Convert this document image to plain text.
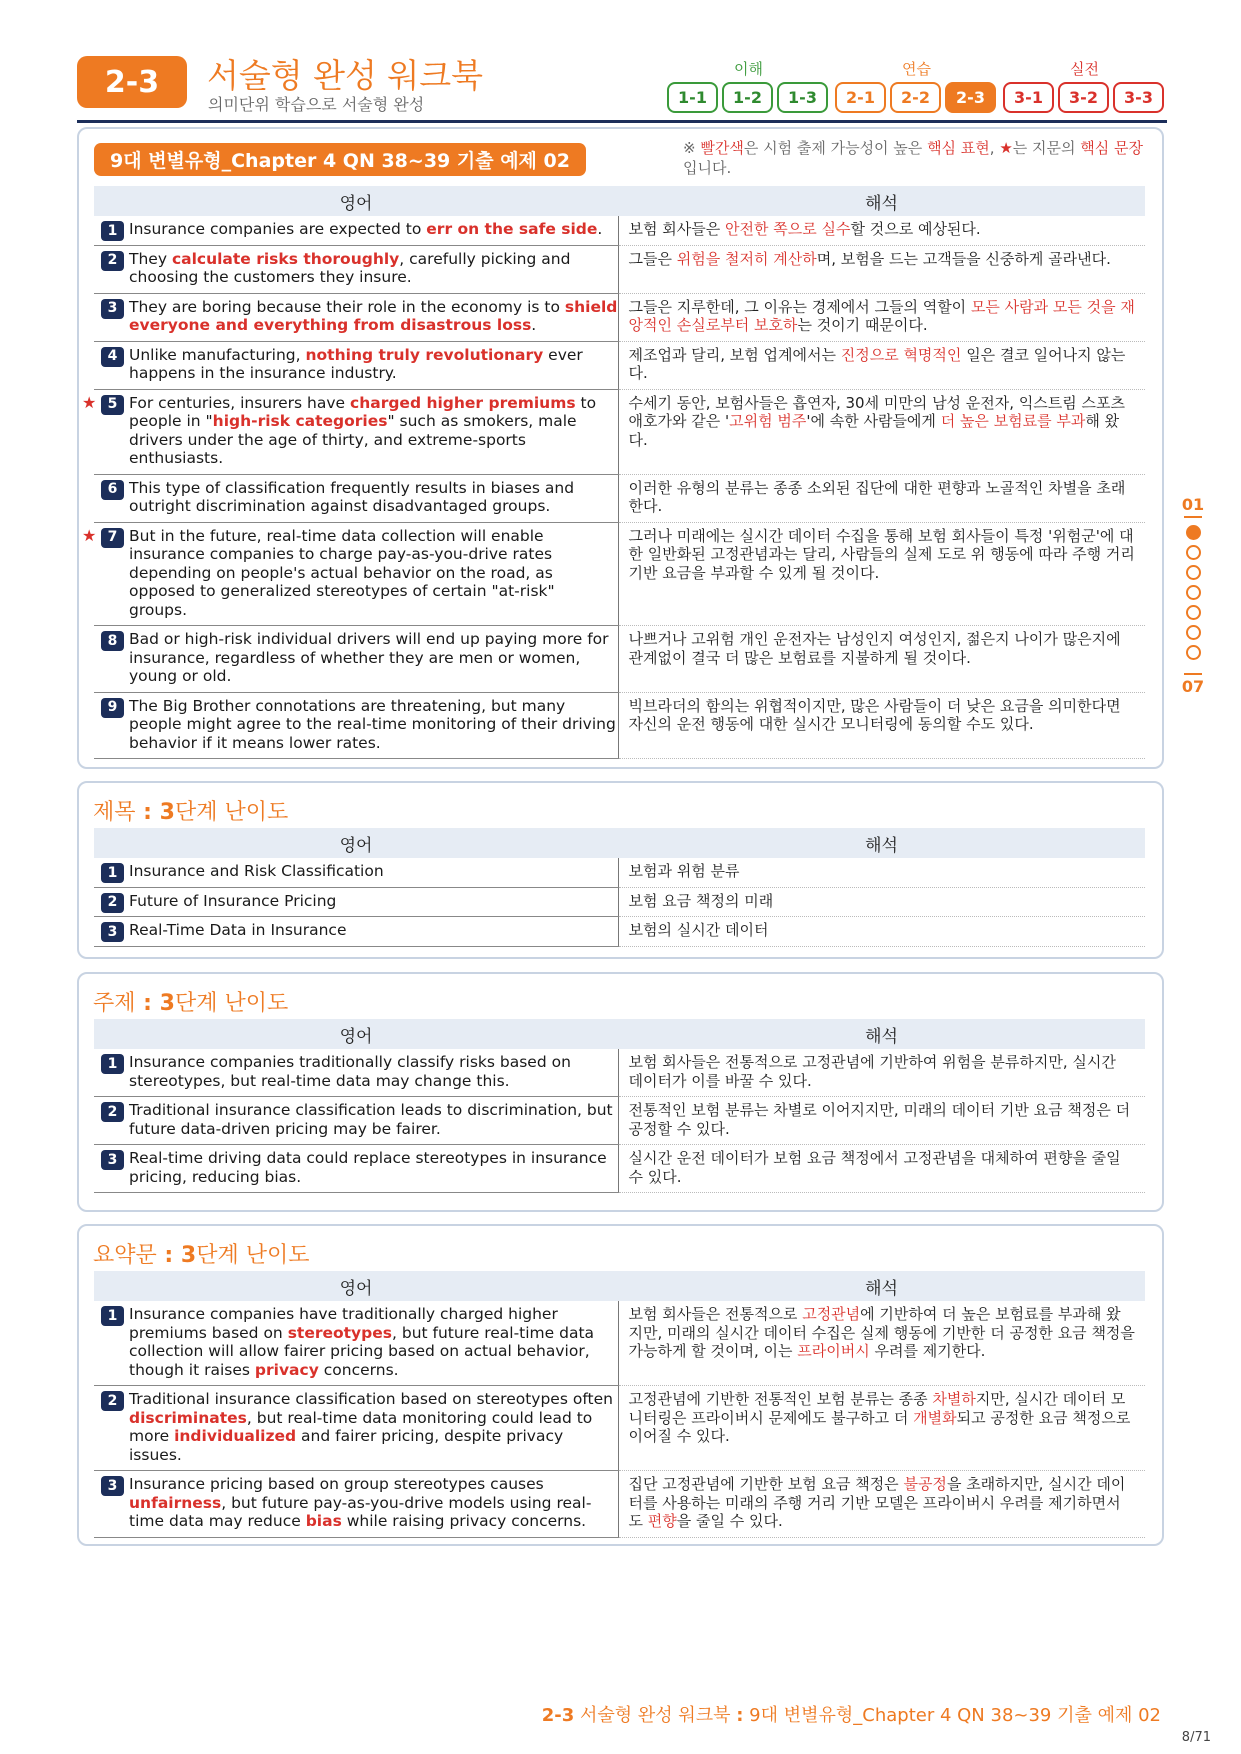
2-3	서술형 완성 워크북
의미단위 학습으로 서술형 완성
이해
1-1	1-2	1-3
연습
2-1	2-2	2-3
실전
3-1	3-2	3-3
9대 변별유형_Chapter 4 QN 38~39 기출 예제 02
※ 빨간색은 시험 출제 가능성이 높은 핵심 표현, ★는 지문의 핵심 문장입니다.
영어	해석

1 Insurance companies are expected to err on the safe side.	보험 회사들은 안전한 쪽으로 실수할 것으로 예상된다.

2 They calculate risks thoroughly, carefully picking and choosing the customers they insure.	그들은 위험을 철저히 계산하며, 보험을 드는 고객들을 신중하게 골라낸다.

3 They are boring because their role in the economy is to shield everyone and everything from disastrous loss.	그들은 지루한데, 그 이유는 경제에서 그들의 역할이 모든 사람과 모든 것을 재앙적인 손실로부터 보호하는 것이기 때문이다.

4 Unlike manufacturing, nothing truly revolutionary ever happens in the insurance industry.	제조업과 달리, 보험 업계에서는 진정으로 혁명적인 일은 결코 일어나지 않는다.

★ 5 For centuries, insurers have charged higher premiums to people in "high-risk categories" such as smokers, male drivers under the age of thirty, and extreme-sports enthusiasts.	수세기 동안, 보험사들은 흡연자, 30세 미만의 남성 운전자, 익스트림 스포츠 애호가와 같은 '고위험 범주'에 속한 사람들에게 더 높은 보험료를 부과해 왔다.

6 This type of classification frequently results in biases and outright discrimination against disadvantaged groups.	이러한 유형의 분류는 종종 소외된 집단에 대한 편향과 노골적인 차별을 초래한다.

★ 7 But in the future, real-time data collection will enable insurance companies to charge pay-as-you-drive rates depending on people's actual behavior on the road, as opposed to generalized stereotypes of certain "at-risk" groups.	그러나 미래에는 실시간 데이터 수집을 통해 보험 회사들이 특정 '위험군'에 대한 일반화된 고정관념과는 달리, 사람들의 실제 도로 위 행동에 따라 주행 거리 기반 요금을 부과할 수 있게 될 것이다.

8 Bad or high-risk individual drivers will end up paying more for insurance, regardless of whether they are men or women, young or old.	나쁘거나 고위험 개인 운전자는 남성인지 여성인지, 젊은지 나이가 많은지에 관계없이 결국 더 많은 보험료를 지불하게 될 것이다.

9 The Big Brother connotations are threatening, but many people might agree to the real-time monitoring of their driving behavior if it means lower rates.	빅브라더의 함의는 위협적이지만, 많은 사람들이 더 낮은 요금을 의미한다면 자신의 운전 행동에 대한 실시간 모니터링에 동의할 수도 있다.
제목 : 3단계 난이도
영어	해석

1 Insurance and Risk Classification	보험과 위험 분류

2 Future of Insurance Pricing	보험 요금 책정의 미래

3 Real-Time Data in Insurance	보험의 실시간 데이터
주제 : 3단계 난이도
영어	해석

1 Insurance companies traditionally classify risks based on stereotypes, but real-time data may change this.	보험 회사들은 전통적으로 고정관념에 기반하여 위험을 분류하지만, 실시간 데이터가 이를 바꿀 수 있다.

2 Traditional insurance classification leads to discrimination, but future data-driven pricing may be fairer.	전통적인 보험 분류는 차별로 이어지지만, 미래의 데이터 기반 요금 책정은 더 공정할 수 있다.

3 Real-time driving data could replace stereotypes in insurance pricing, reducing bias.	실시간 운전 데이터가 보험 요금 책정에서 고정관념을 대체하여 편향을 줄일 수 있다.
요약문 : 3단계 난이도
영어	해석

1 Insurance companies have traditionally charged higher premiums based on stereotypes, but future real-time data collection will allow fairer pricing based on actual behavior, though it raises privacy concerns.	보험 회사들은 전통적으로 고정관념에 기반하여 더 높은 보험료를 부과해 왔지만, 미래의 실시간 데이터 수집은 실제 행동에 기반한 더 공정한 요금 책정을 가능하게 할 것이며, 이는 프라이버시 우려를 제기한다.

2 Traditional insurance classification based on stereotypes often discriminates, but real-time data monitoring could lead to more individualized and fairer pricing, despite privacy issues.	고정관념에 기반한 전통적인 보험 분류는 종종 차별하지만, 실시간 데이터 모니터링은 프라이버시 문제에도 불구하고 더 개별화되고 공정한 요금 책정으로 이어질 수 있다.

3 Insurance pricing based on group stereotypes causes unfairness, but future pay-as-you-drive models using real-time data may reduce bias while raising privacy concerns.	집단 고정관념에 기반한 보험 요금 책정은 불공정을 초래하지만, 실시간 데이터를 사용하는 미래의 주행 거리 기반 모델은 프라이버시 우려를 제기하면서도 편향을 줄일 수 있다.
01
07
2-3 서술형 완성 워크북 : 9대 변별유형_Chapter 4 QN 38~39 기출 예제 02
8/71
